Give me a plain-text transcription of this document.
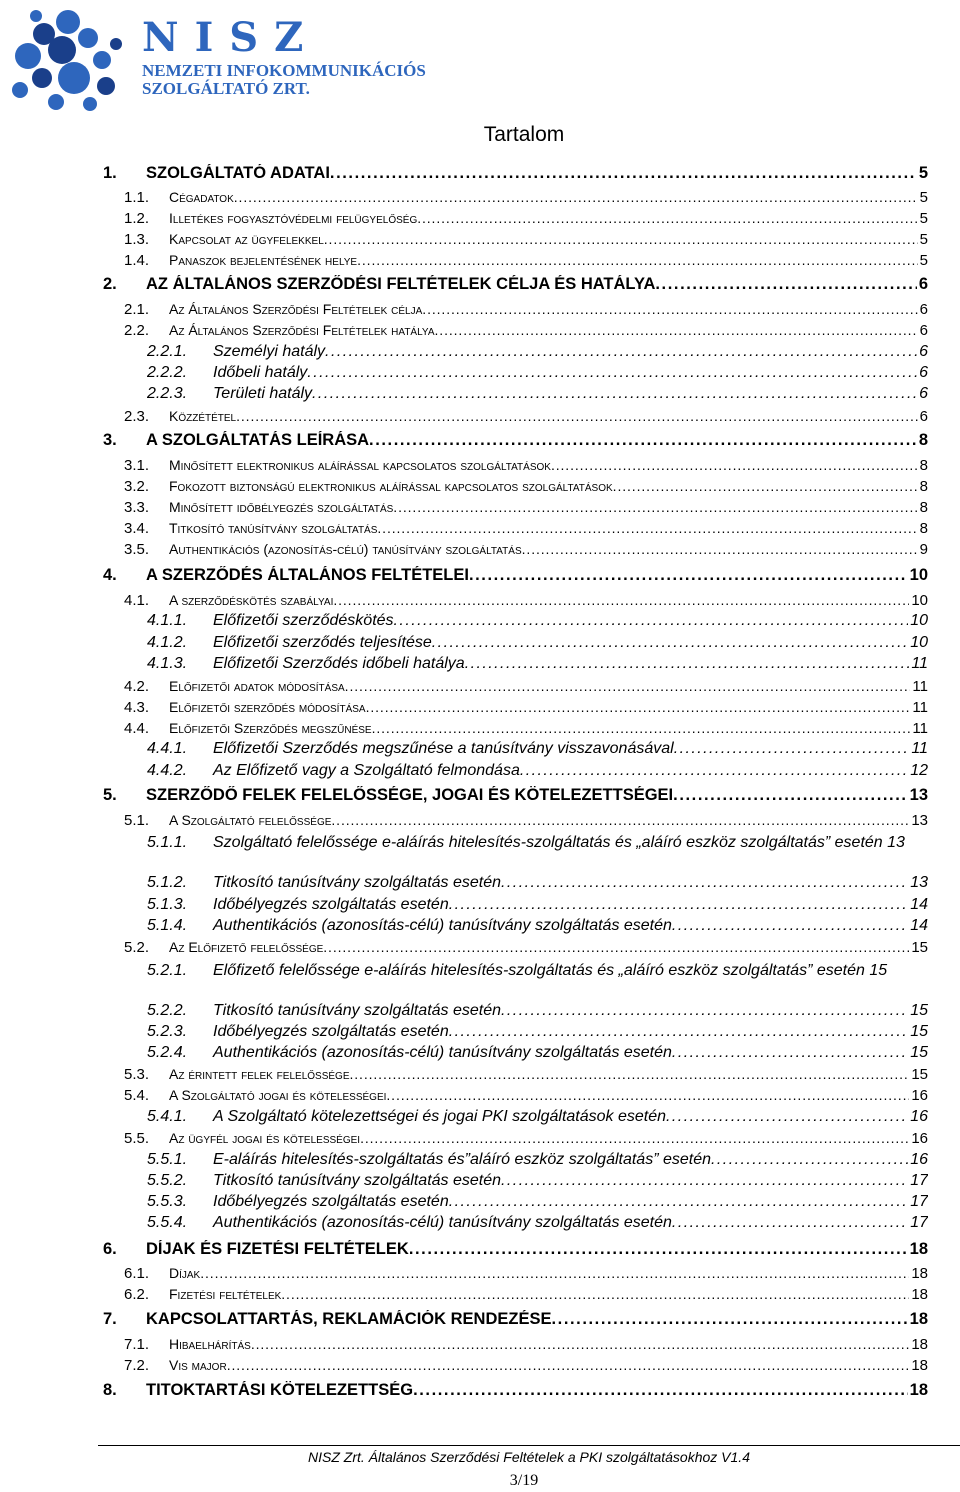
NISZ
NEMZETI INFOKOMMUNIKÁCIÓS
SZOLGÁLTATÓ ZRT.
Tartalom
1.	SZOLGÁLTATÓ ADATAI . . .	5
1.1.	Cégadatok . . .	5
1.2.	Illetékes fogyasztóvédelmi felügyelőség . . .	5
1.3.	Kapcsolat az ügyfelekkel . . .	5
1.4.	Panaszok bejelentésének helye . . .	5
2.	AZ ÁLTALÁNOS SZERZŐDÉSI FELTÉTELEK CÉLJA ÉS HATÁLYA . . .	6
2.1.	Az Általános Szerződési Feltételek célja . . .	6
2.2.	Az Általános Szerződési Feltételek hatálya . . .	6
2.2.1.	Személyi hatály . . .	6
2.2.2.	Időbeli hatály . . .	6
2.2.3.	Területi hatály . . .	6
2.3.	Közzététel . . .	6
3.	A SZOLGÁLTATÁS LEÍRÁSA . . .	8
3.1.	Minősített elektronikus aláírással kapcsolatos szolgáltatások . . .	8
3.2.	Fokozott biztonságú elektronikus aláírással kapcsolatos szolgáltatások . . .	8
3.3.	Minősített időbélyegzés szolgáltatás . . .	8
3.4.	Titkosító tanúsítvány szolgáltatás . . .	8
3.5.	Authentikációs (azonosítás-célú) tanúsítvány szolgáltatás . . .	9
4.	A SZERZŐDÉS ÁLTALÁNOS FELTÉTELEI . . .	10
4.1.	A szerződéskötés szabályai . . .	10
4.1.1.	Előfizetői szerződéskötés . . .	10
4.1.2.	Előfizetői szerződés teljesítése . . .	10
4.1.3.	Előfizetői Szerződés időbeli hatálya . . .	11
4.2.	Előfizetői adatok módosítása . . .	11
4.3.	Előfizetői szerződés módosítása . . .	11
4.4.	Előfizetői Szerződés megszűnése . . .	11
4.4.1.	Előfizetői Szerződés megszűnése a tanúsítvány visszavonásával . . .	11
4.4.2.	Az Előfizető vagy a Szolgáltató felmondása . . .	12
5.	SZERZŐDŐ FELEK FELELŐSSÉGE, JOGAI ÉS KÖTELEZETTSÉGEI . . .	13
5.1.	A Szolgáltató felelőssége . . .	13
5.1.1. Szolgáltató felelőssége e-aláírás hitelesítés-szolgáltatás és „aláíró eszköz szolgáltatás” esetén 13
5.1.2.	Titkosító tanúsítvány szolgáltatás esetén . . .	13
5.1.3.	Időbélyegzés szolgáltatás esetén . . .	14
5.1.4.	Authentikációs (azonosítás-célú) tanúsítvány szolgáltatás esetén . . .	14
5.2.	Az Előfizető felelőssége . . .	15
5.2.1. Előfizető felelőssége e-aláírás hitelesítés-szolgáltatás és „aláíró eszköz szolgáltatás” esetén 15
5.2.2.	Titkosító tanúsítvány szolgáltatás esetén . . .	15
5.2.3.	Időbélyegzés szolgáltatás esetén . . .	15
5.2.4.	Authentikációs (azonosítás-célú) tanúsítvány szolgáltatás esetén . . .	15
5.3.	Az érintett felek felelőssége . . .	15
5.4.	A Szolgáltató jogai és kötelességei . . .	16
5.4.1.	A Szolgáltató kötelezettségei és jogai PKI szolgáltatások esetén . . .	16
5.5.	Az ügyfél jogai és kötelességei . . .	16
5.5.1.	E-aláírás hitelesítés-szolgáltatás és”aláíró eszköz szolgáltatás” esetén . . .	16
5.5.2.	Titkosító tanúsítvány szolgáltatás esetén . . .	17
5.5.3.	Időbélyegzés szolgáltatás esetén . . .	17
5.5.4.	Authentikációs (azonosítás-célú) tanúsítvány szolgáltatás esetén . . .	17
6.	DÍJAK ÉS FIZETÉSI FELTÉTELEK . . .	18
6.1.	Díjak . . .	18
6.2.	Fizetési feltételek . . .	18
7.	KAPCSOLATTARTÁS, REKLAMÁCIÓK RENDEZÉSE . . .	18
7.1.	Hibaelhárítás . . .	18
7.2.	Vis major . . .	18
8.	TITOKTARTÁSI KÖTELEZETTSÉG . . .	18
NISZ Zrt. Általános Szerződési Feltételek a PKI szolgáltatásokhoz V1.4
3/19
